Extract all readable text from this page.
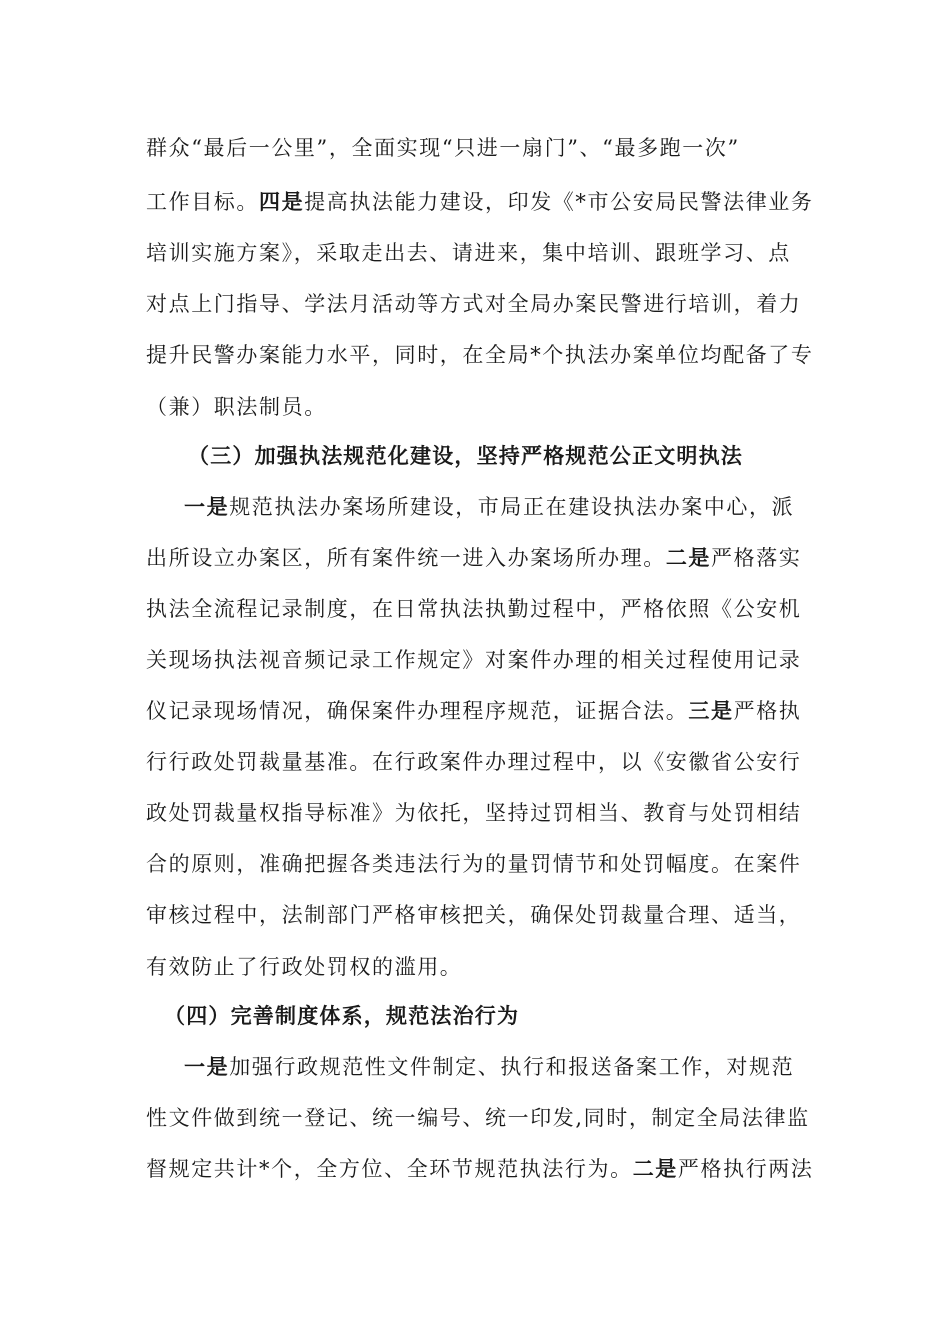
群众“最后一公里”，全面实现“只进一扇门”、“最多跑一次”
工作目标。四是提高执法能力建设，印发《*市公安局民警法律业务
培训实施方案》，采取走出去、请进来，集中培训、跟班学习、点
对点上门指导、学法月活动等方式对全局办案民警进行培训，着力
提升民警办案能力水平，同时，在全局*个执法办案单位均配备了专
（兼）职法制员。
（三）加强执法规范化建设，坚持严格规范公正文明执法
一是规范执法办案场所建设，市局正在建设执法办案中心，派
出所设立办案区，所有案件统一进入办案场所办理。二是严格落实
执法全流程记录制度，在日常执法执勤过程中，严格依照《公安机
关现场执法视音频记录工作规定》对案件办理的相关过程使用记录
仪记录现场情况，确保案件办理程序规范，证据合法。三是严格执
行行政处罚裁量基准。在行政案件办理过程中，以《安徽省公安行
政处罚裁量权指导标准》为依托，坚持过罚相当、教育与处罚相结
合的原则，准确把握各类违法行为的量罚情节和处罚幅度。在案件
审核过程中，法制部门严格审核把关，确保处罚裁量合理、适当，
有效防止了行政处罚权的滥用。
（四）完善制度体系，规范法治行为
一是加强行政规范性文件制定、执行和报送备案工作，对规范
性文件做到统一登记、统一编号、统一印发,同时，制定全局法律监
督规定共计*个，全方位、全环节规范执法行为。二是严格执行两法
